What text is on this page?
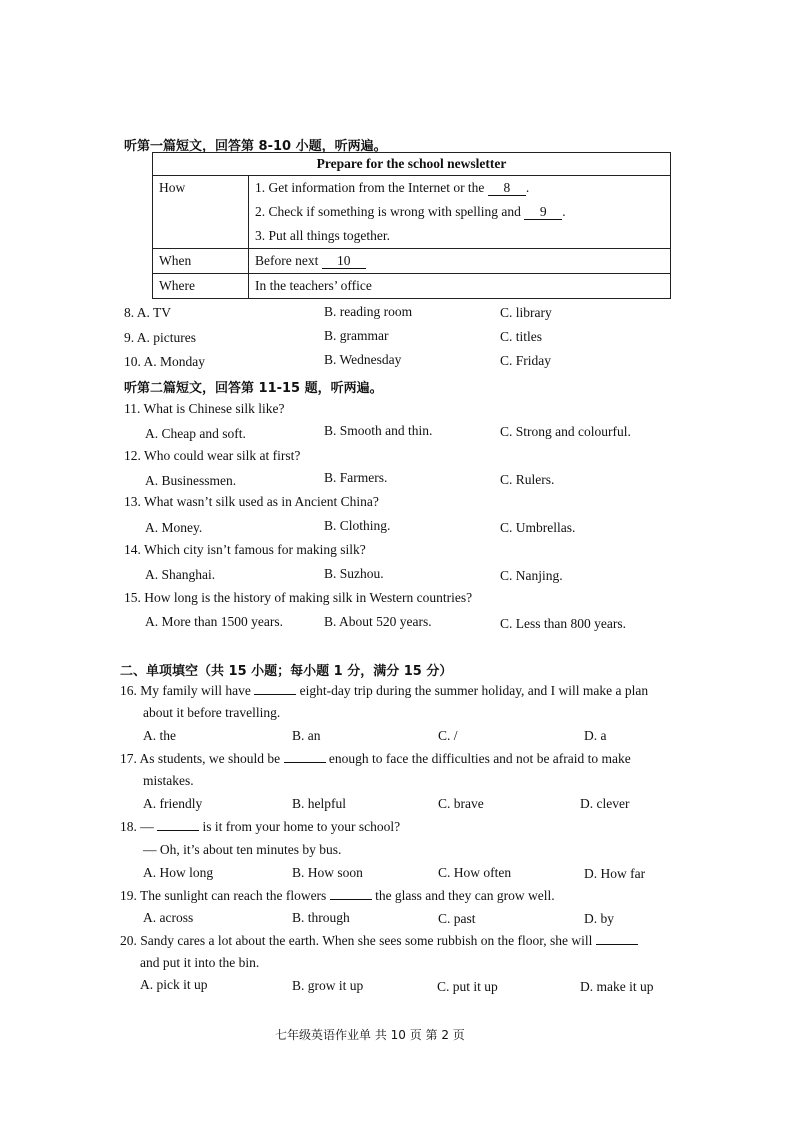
听第一篇短文，回答第 8-10 小题，听两遍。
Prepare for the school newsletter	

How	1. Get information from the Internet or the 8 .
2. Check if something is wrong with spelling and 9 .
3. Put all things together.

When	Before next 10

Where	In the teachers’ office
8. A. TV	B. reading room	C. library
9. A. pictures	B. grammar	C. titles
10. A. Monday	B. Wednesday	C. Friday
听第二篇短文，回答第 11-15 题，听两遍。
11. What is Chinese silk like?
A. Cheap and soft.	B. Smooth and thin.	C. Strong and colourful.
12. Who could wear silk at first?
A. Businessmen.	B. Farmers.	C. Rulers.
13. What wasn’t silk used as in Ancient China?
A. Money.	B. Clothing.	C. Umbrellas.
14. Which city isn’t famous for making silk?
A. Shanghai.	B. Suzhou.	C. Nanjing.
15. How long is the history of making silk in Western countries?
A. More than 1500 years.	B. About 520 years.	C. Less than 800 years.
二、单项填空（共 15 小题；每小题 1 分，满分 15 分）
16. My family will have	eight-day trip during the summer holiday, and I will make a plan
about it before travelling.
A. the	B. an	C. /	D. a
17. As students, we should be	enough to face the difficulties and not be afraid to make
mistakes.
A. friendly	B. helpful	C. brave	D. clever
18. —	is it from your home to your school?
— Oh, it’s about ten minutes by bus.
A. How long	B. How soon	C. How often	D. How far
19. The sunlight can reach the flowers	the glass and they can grow well.
A. across	B. through	C. past	D. by
20. Sandy cares a lot about the earth. When she sees some rubbish on the floor, she will
and put it into the bin.
A. pick it up	B. grow it up	C. put it up	D. make it up
七年级英语作业单 共 10 页 第 2 页
